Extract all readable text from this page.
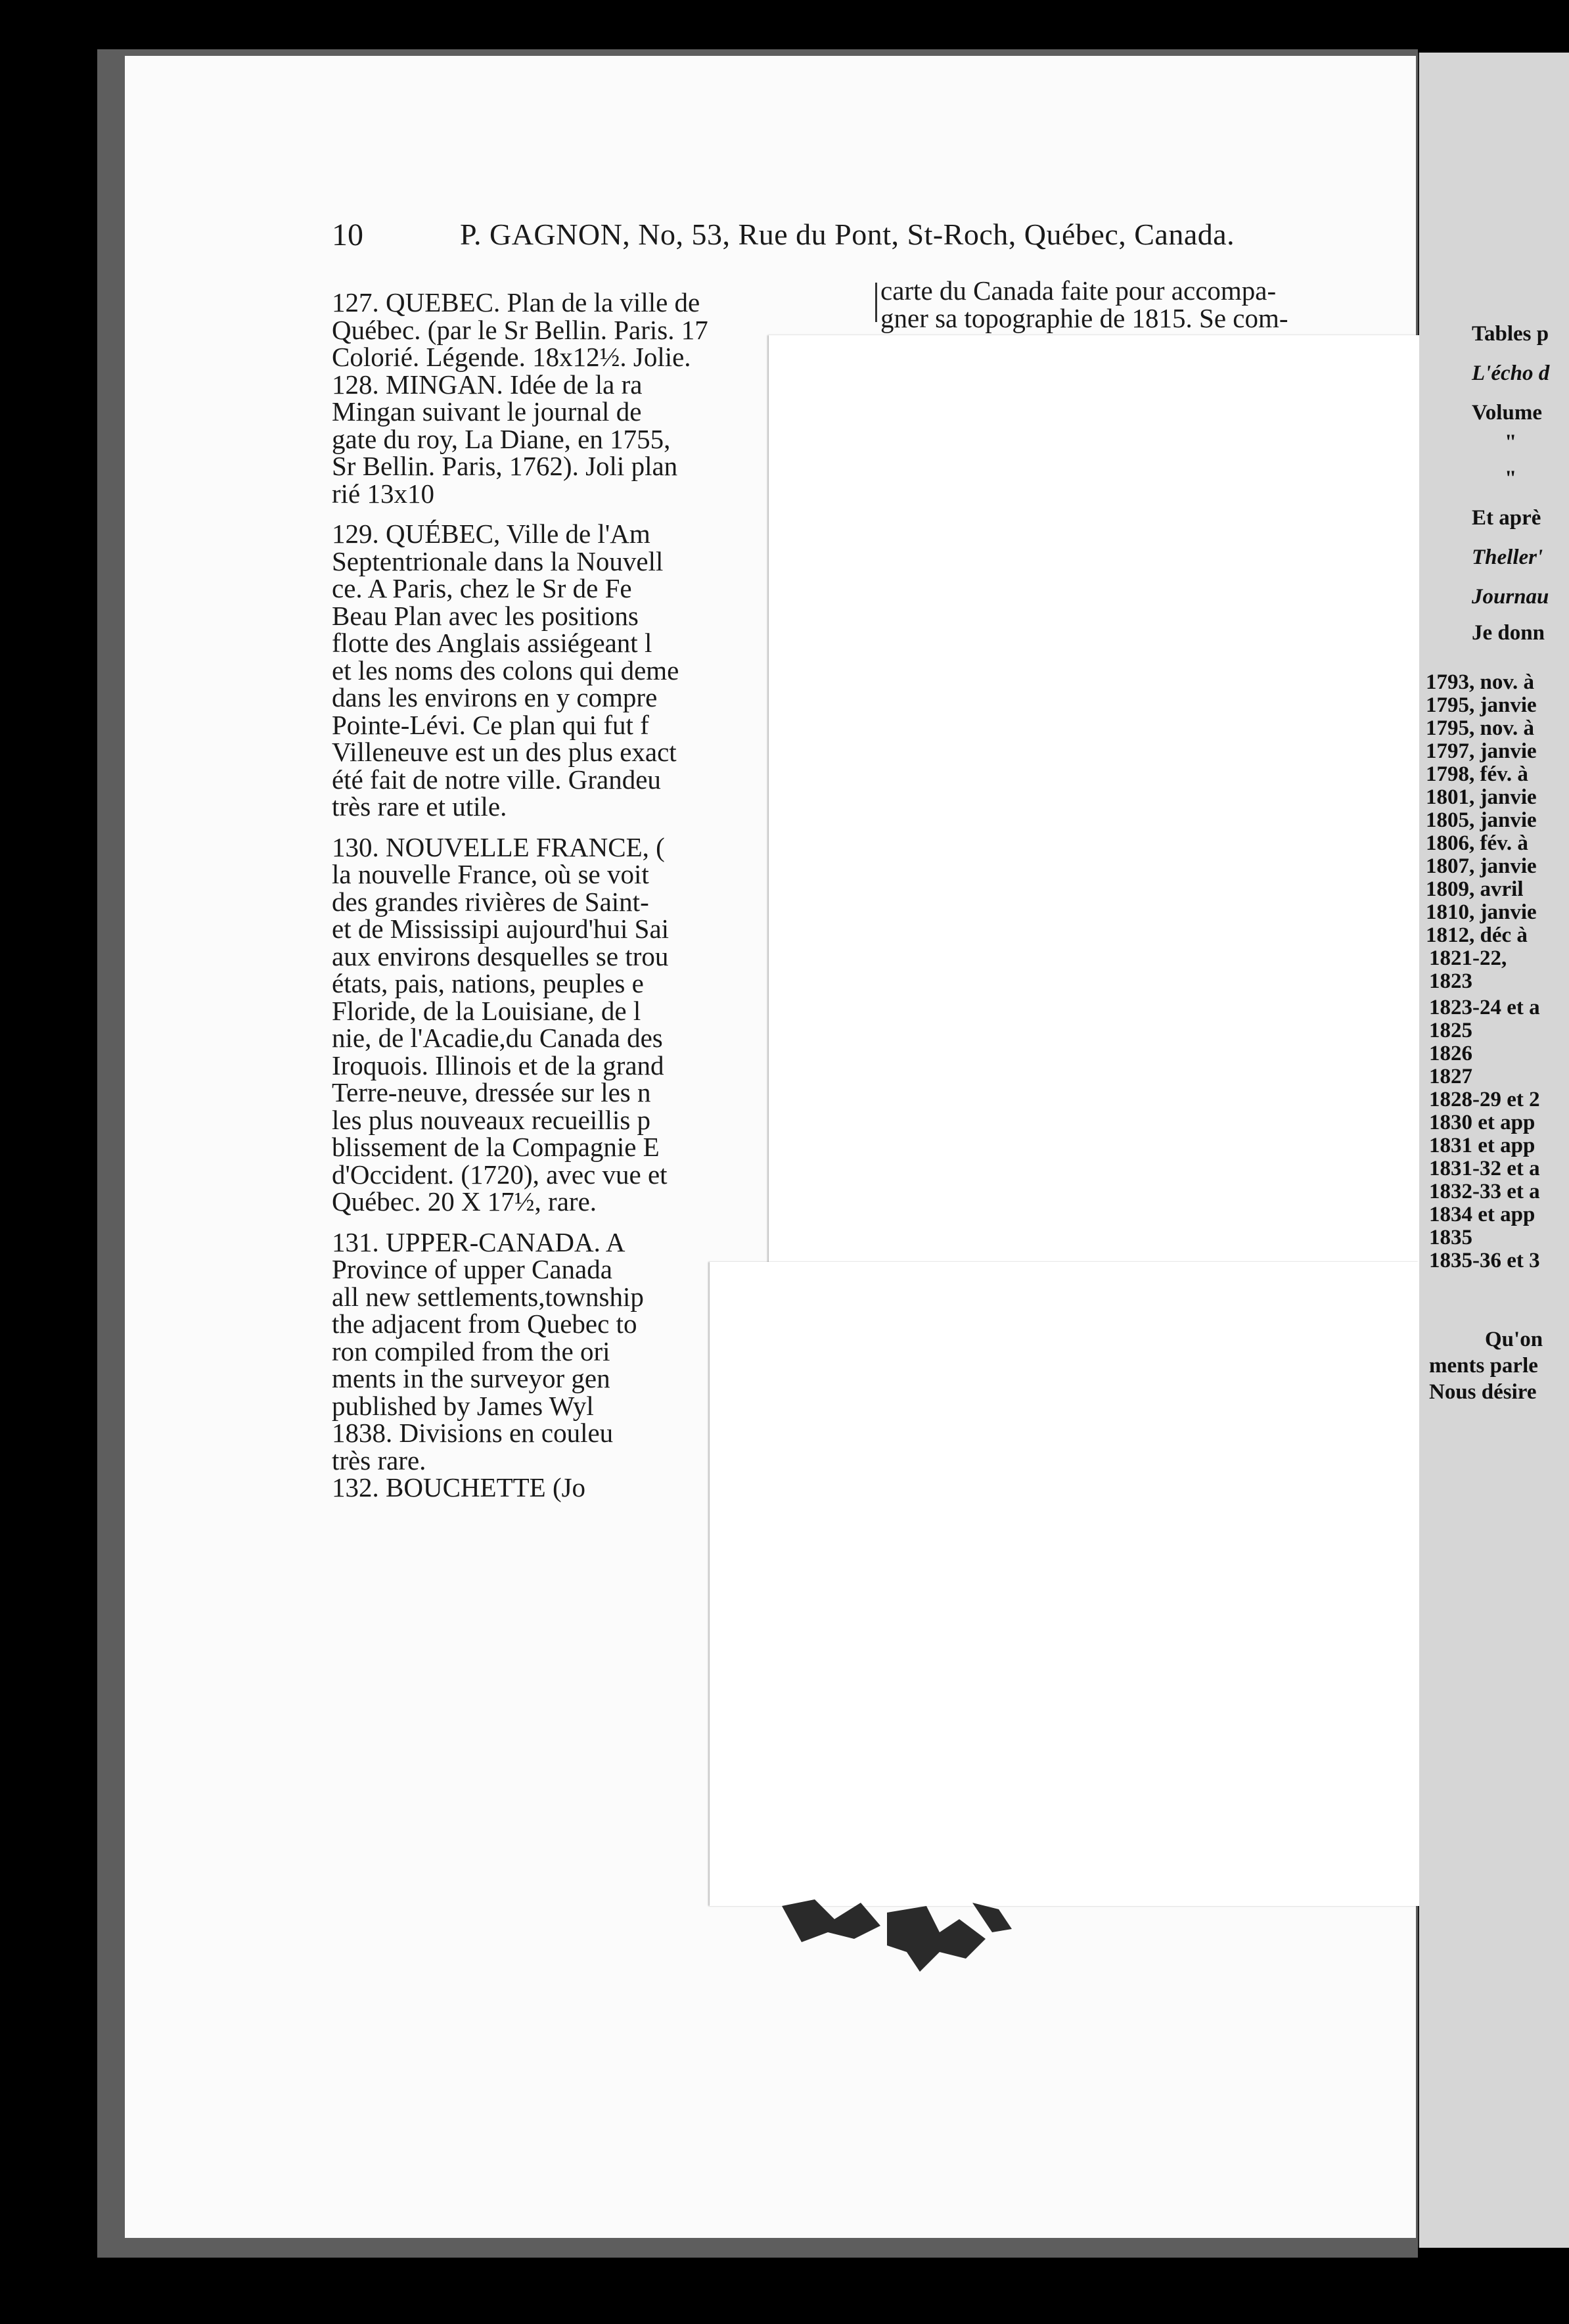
Tables p
L'écho d
Volume
"
"
Et aprè
Theller'
Journau
Je donn
1793, nov. à
1795, janvie
1795, nov. à
1797, janvie
1798, fév. à
1801, janvie
1805, janvie
1806, fév. à
1807, janvie
1809, avril
1810, janvie
1812, déc à
1821-22,
1823
1823-24 et a
1825
1826
1827
1828-29 et 2
1830 et app
1831 et app
1831-32 et a
1832-33 et a
1834 et app
1835
1835-36 et 3
Qu'on
ments parle
Nous désire
10	P. GAGNON, No, 53, Rue du Pont, St-Roch, Québec, Canada.
127. QUEBEC. Plan de la ville de
Québec. (par le Sr Bellin. Paris. 17
Colorié. Légende. 18x12½. Jolie.
128. MINGAN. Idée de la ra
Mingan suivant le journal de
gate du roy, La Diane, en 1755,
Sr Bellin. Paris, 1762). Joli plan
rié 13x10
129. QUÉBEC, Ville de l'Am
Septentrionale dans la Nouvell
ce. A Paris, chez le Sr de Fe
Beau Plan avec les positions
flotte des Anglais assiégeant l
et les noms des colons qui deme
dans les environs en y compre
Pointe-Lévi. Ce plan qui fut f
Villeneuve est un des plus exact
été fait de notre ville. Grandeu
très rare et utile.
130. NOUVELLE FRANCE, (
la nouvelle France, où se voit
des grandes rivières de Saint-
et de Mississipi aujourd'hui Sai
aux environs desquelles se trou
états, pais, nations, peuples e
Floride, de la Louisiane, de l
nie, de l'Acadie,du Canada des
Iroquois. Illinois et de la grand
Terre-neuve, dressée sur les n
les plus nouveaux recueillis p
blissement de la Compagnie E
d'Occident. (1720), avec vue et
Québec. 20 X 17½, rare.
131. UPPER-CANADA. A
Province of upper Canada
all new settlements,township
the adjacent from Quebec to
ron compiled from the ori
ments in the surveyor gen
published by James Wyl
1838. Divisions en couleu
très rare.
132. BOUCHETTE (Jo
carte du Canada faite pour accompa-
gner sa topographie de 1815. Se com-
